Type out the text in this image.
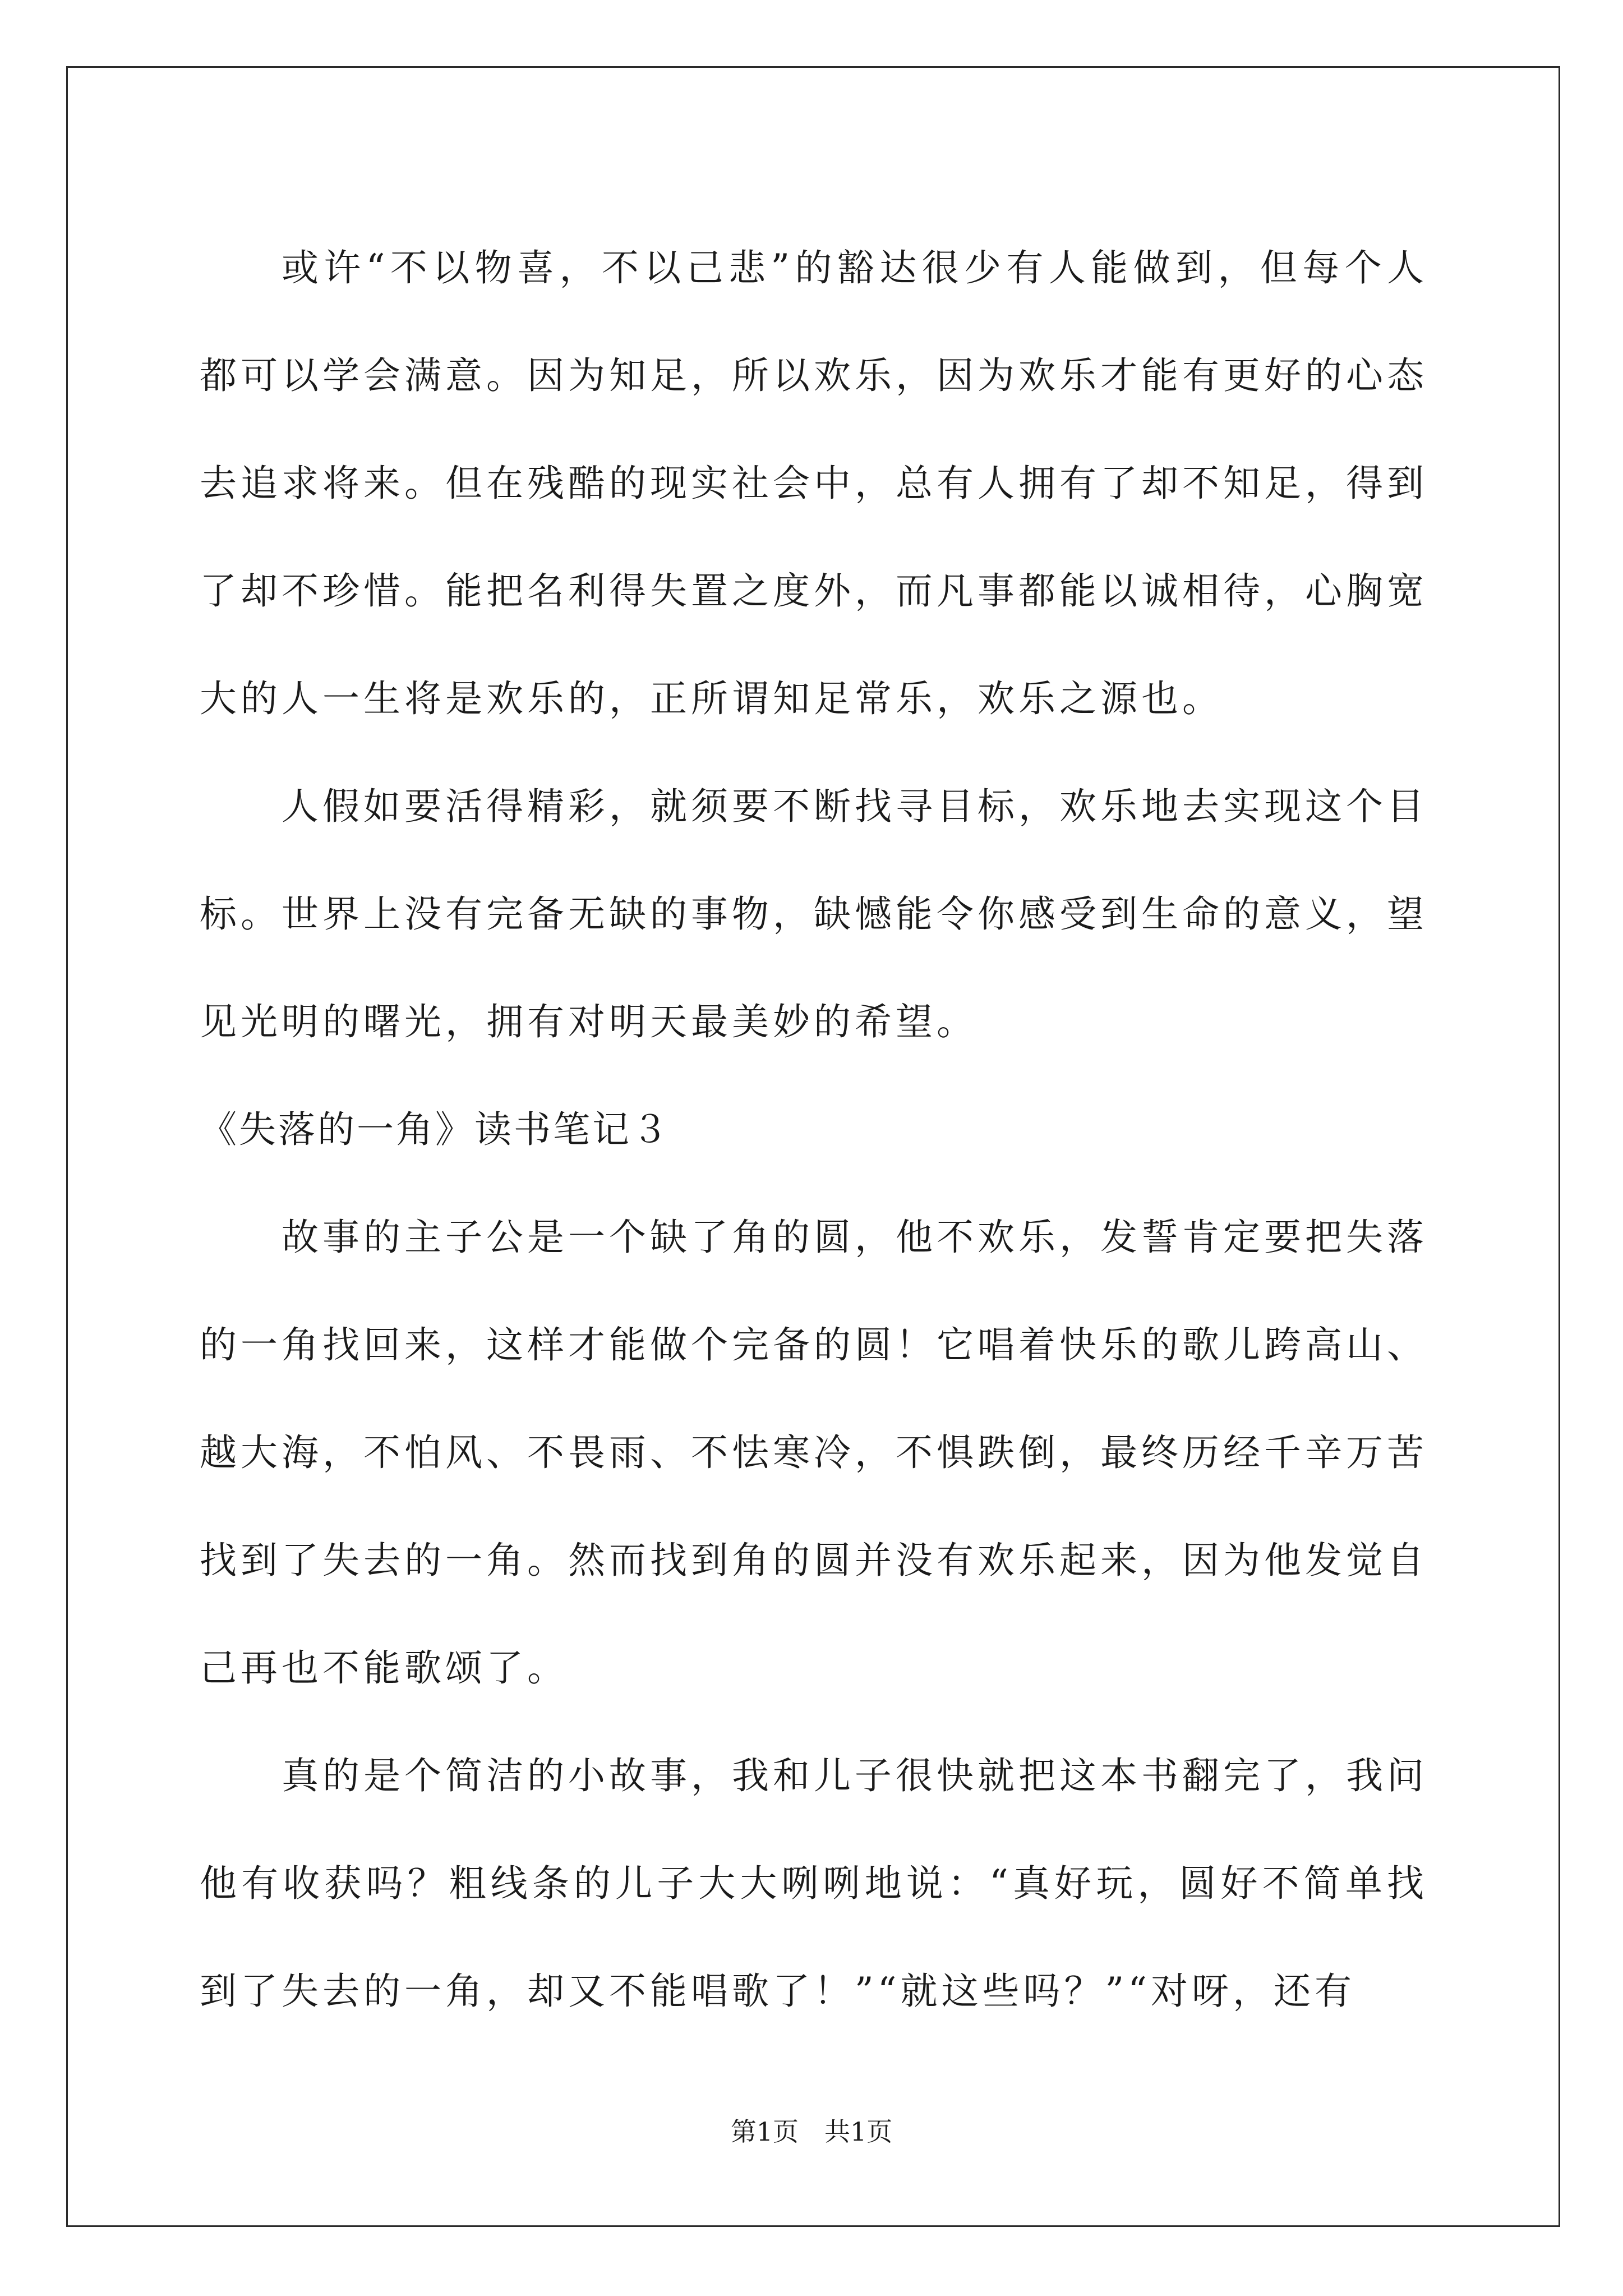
或许“不以物喜，不以己悲”的豁达很少有人能做到，但每个人都可以学会满意。因为知足，所以欢乐，因为欢乐才能有更好的心态去追求将来。但在残酷的现实社会中，总有人拥有了却不知足，得到了却不珍惜。能把名利得失置之度外，而凡事都能以诚相待，心胸宽大的人一生将是欢乐的，正所谓知足常乐，欢乐之源也。

人假如要活得精彩，就须要不断找寻目标，欢乐地去实现这个目标。世界上没有完备无缺的事物，缺憾能令你感受到生命的意义，望见光明的曙光，拥有对明天最美妙的希望。

《失落的一角》读书笔记３

故事的主子公是一个缺了角的圆，他不欢乐，发誓肯定要把失落的一角找回来，这样才能做个完备的圆！它唱着快乐的歌儿跨高山、越大海，不怕风、不畏雨、不怯寒冷，不惧跌倒，最终历经千辛万苦找到了失去的一角。然而找到角的圆并没有欢乐起来，因为他发觉自己再也不能歌颂了。

真的是个简洁的小故事，我和儿子很快就把这本书翻完了，我问他有收获吗？粗线条的儿子大大咧咧地说：“真好玩，圆好不简单找到了失去的一角，却又不能唱歌了！”“就这些吗？”“对呀，还有

第1页 共1页
